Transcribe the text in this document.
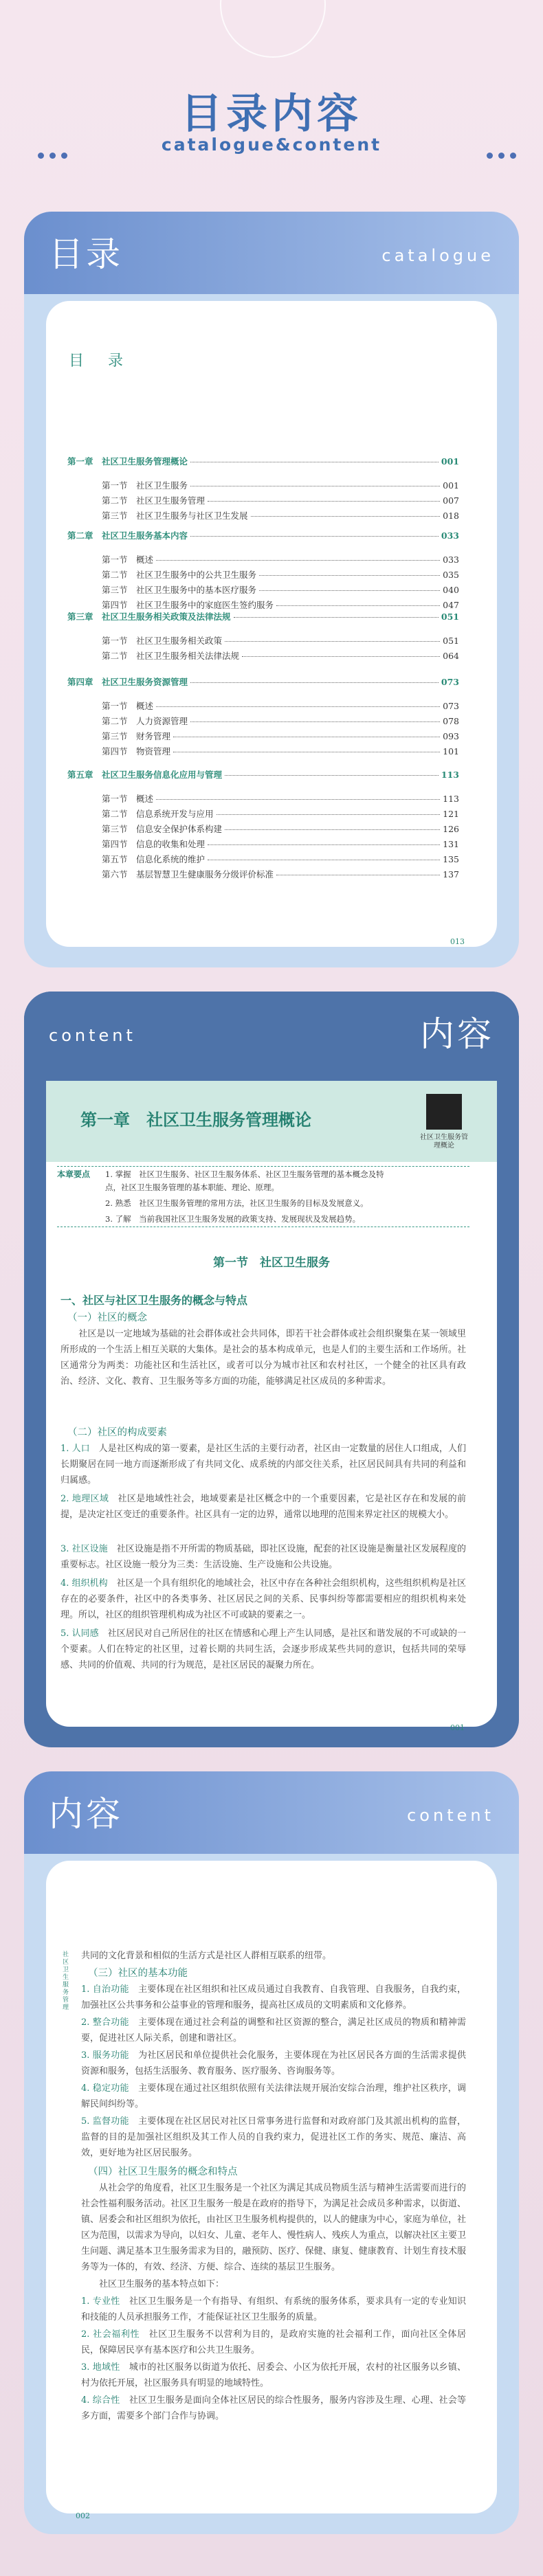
目录内容
catalogue&content
目录	catalogue
目 录
第一章　社区卫生服务管理概论	001
第一节　社区卫生服务	001
第二节　社区卫生服务管理	007
第三节　社区卫生服务与社区卫生发展	018
第二章　社区卫生服务基本内容	033
第一节　概述	033
第二节　社区卫生服务中的公共卫生服务	035
第三节　社区卫生服务中的基本医疗服务	040
第四节　社区卫生服务中的家庭医生签约服务	047
第三章　社区卫生服务相关政策及法律法规	051
第一节　社区卫生服务相关政策	051
第二节　社区卫生服务相关法律法规	064
第四章　社区卫生服务资源管理	073
第一节　概述	073
第二节　人力资源管理	078
第三节　财务管理	093
第四节　物资管理	101
第五章　社区卫生服务信息化应用与管理	113
第一节　概述	113
第二节　信息系统开发与应用	121
第三节　信息安全保护体系构建	126
第四节　信息的收集和处理	131
第五节　信息化系统的维护	135
第六节　基层智慧卫生健康服务分级评价标准	137
013
content	内容
第一章　社区卫生服务管理概论
社区卫生服务管理概论
本章要点 1. 掌握　社区卫生服务、社区卫生服务体系、社区卫生服务管理的基本概念及特
点，社区卫生服务管理的基本职能、理论、原理。
2. 熟悉　社区卫生服务管理的常用方法，社区卫生服务的目标及发展意义。
3. 了解　当前我国社区卫生服务发展的政策支持、发展现状及发展趋势。
第一节　社区卫生服务
一、社区与社区卫生服务的概念与特点
（一）社区的概念
　　社区是以一定地域为基础的社会群体或社会共同体，即若干社会群体或社会组织聚集在某一领域里所形成的一个生活上相互关联的大集体。是社会的基本构成单元，也是人们的主要生活和工作场所。社区通常分为两类：功能社区和生活社区，或者可以分为城市社区和农村社区，一个健全的社区具有政治、经济、文化、教育、卫生服务等多方面的功能，能够满足社区成员的多种需求。
（二）社区的构成要素
1. 人口　人是社区构成的第一要素，是社区生活的主要行动者，社区由一定数量的居住人口组成，人们长期聚居在同一地方而逐渐形成了有共同文化、成系统的内部交往关系，社区居民间具有共同的利益和归属感。
2. 地理区域　社区是地域性社会，地域要素是社区概念中的一个重要因素，它是社区存在和发展的前提，是决定社区变迁的重要条件。社区具有一定的边界，通常以地理的范围来界定社区的规模大小。
3. 社区设施　社区设施是指不开所需的物质基础，即社区设施，配套的社区设施是衡量社区发展程度的重要标志。社区设施一般分为三类：生活设施、生产设施和公共设施。
4. 组织机构　社区是一个具有组织化的地域社会，社区中存在各种社会组织机构，这些组织机构是社区存在的必要条件，社区中的各类事务、社区居民之间的关系、民事纠纷等都需要相应的组织机构来处理。所以，社区的组织管理机构成为社区不可或缺的要素之一。
5. 认同感　社区居民对自己所居住的社区在情感和心理上产生认同感，是社区和谐发展的不可或缺的一个要素。人们在特定的社区里，过着长期的共同生活，会逐步形成某些共同的意识，包括共同的荣辱感、共同的价值观、共同的行为规范，是社区居民的凝聚力所在。
001
内容	content
社区卫生服务管理
共同的文化背景和相似的生活方式是社区人群相互联系的纽带。
（三）社区的基本功能
1. 自治功能　主要体现在社区组织和社区成员通过自我教育、自我管理、自我服务，自我约束，加强社区公共事务和公益事业的管理和服务，提高社区成员的文明素质和文化修养。
2. 整合功能　主要体现在通过社会利益的调整和社区资源的整合，满足社区成员的物质和精神需要，促进社区人际关系，创建和谐社区。
3. 服务功能　为社区居民和单位提供社会化服务，主要体现在为社区居民各方面的生活需求提供资源和服务，包括生活服务、教育服务、医疗服务、咨询服务等。
4. 稳定功能　主要体现在通过社区组织依照有关法律法规开展治安综合治理，维护社区秩序，调解民间纠纷等。
5. 监督功能　主要体现在社区居民对社区日常事务进行监督和对政府部门及其派出机构的监督，监督的目的是加强社区组织及其工作人员的自我约束力，促进社区工作的务实、规范、廉洁、高效，更好地为社区居民服务。
（四）社区卫生服务的概念和特点
　　从社会学的角度看，社区卫生服务是一个社区为满足其成员物质生活与精神生活需要而进行的社会性福利服务活动。社区卫生服务一般是在政府的指导下，为满足社会成员多种需求，以街道、镇、居委会和社区组织为依托，由社区卫生服务机构提供的，以人的健康为中心，家庭为单位，社区为范围，以需求为导向，以妇女、儿童、老年人、慢性病人、残疾人为重点，以解决社区主要卫生问题、满足基本卫生服务需求为目的，融预防、医疗、保健、康复、健康教育、计划生育技术服务等为一体的，有效、经济、方便、综合、连续的基层卫生服务。
　　社区卫生服务的基本特点如下：
1. 专业性　社区卫生服务是一个有指导、有组织、有系统的服务体系，要求具有一定的专业知识和技能的人员承担服务工作，才能保证社区卫生服务的质量。
2. 社会福利性　社区卫生服务不以营利为目的，是政府实施的社会福利工作，面向社区全体居民，保障居民享有基本医疗和公共卫生服务。
3. 地域性　城市的社区服务以街道为依托、居委会、小区为依托开展，农村的社区服务以乡镇、村为依托开展，社区服务具有明显的地域特性。
4. 综合性　社区卫生服务是面向全体社区居民的综合性服务，服务内容涉及生理、心理、社会等多方面，需要多个部门合作与协调。
002
